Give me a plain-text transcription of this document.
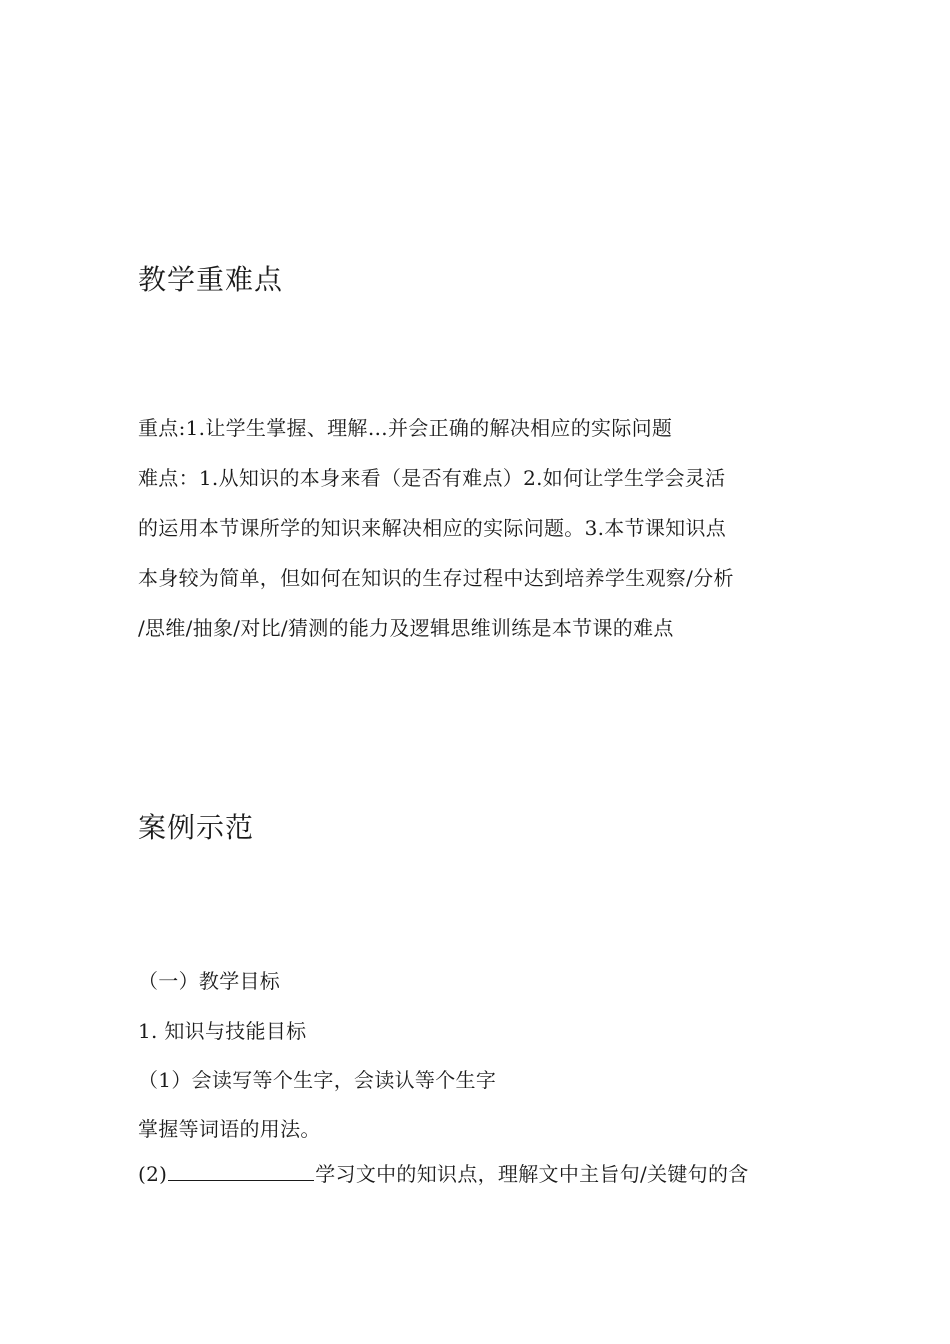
教学重难点
重点:1.让学生掌握、理解…并会正确的解决相应的实际问题
难点：1.从知识的本身来看（是否有难点）2.如何让学生学会灵活
的运用本节课所学的知识来解决相应的实际问题。3.本节课知识点
本身较为简单，但如何在知识的生存过程中达到培养学生观察/分析
/思维/抽象/对比/猜测的能力及逻辑思维训练是本节课的难点
案例示范
（一）教学目标
1. 知识与技能目标
（1）会读写等个生字，会读认等个生字
掌握等词语的用法。
(2)	学习文中的知识点，理解文中主旨句/关键句的含
